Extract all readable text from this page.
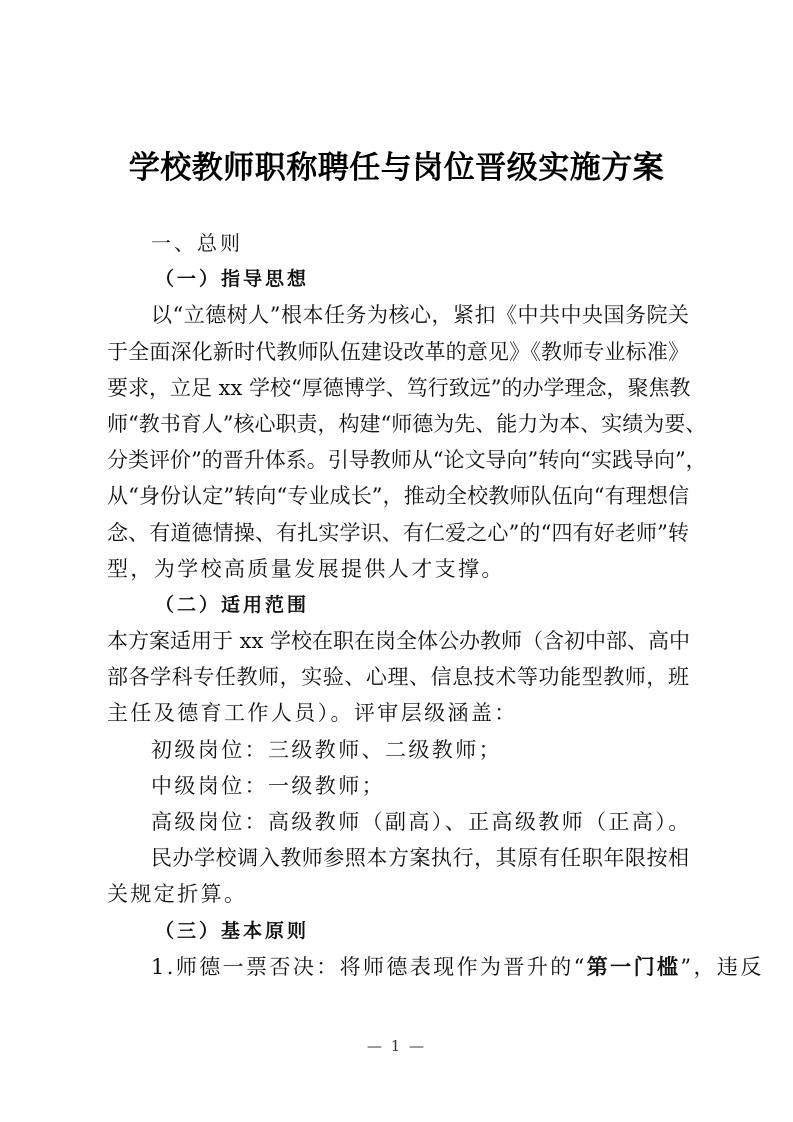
学校教师职称聘任与岗位晋级实施方案
一、总则
（一）指导思想
以“立德树人”根本任务为核心，紧扣《中共中央国务院关
于全面深化新时代教师队伍建设改革的意见》《教师专业标准》
要求，立足 xx 学校“厚德博学、笃行致远”的办学理念，聚焦教
师“教书育人”核心职责，构建“师德为先、能力为本、实绩为要、
分类评价”的晋升体系。引导教师从“论文导向”转向“实践导向”，
从“身份认定”转向“专业成长”，推动全校教师队伍向“有理想信
念、有道德情操、有扎实学识、有仁爱之心”的“四有好老师”转
型，为学校高质量发展提供人才支撑。
（二）适用范围
本方案适用于 xx 学校在职在岗全体公办教师（含初中部、高中
部各学科专任教师，实验、心理、信息技术等功能型教师，班
主任及德育工作人员）。评审层级涵盖：
初级岗位：三级教师、二级教师；
中级岗位：一级教师；
高级岗位：高级教师（副高）、正高级教师（正高）。
民办学校调入教师参照本方案执行，其原有任职年限按相
关规定折算。
（三）基本原则
1.师德一票否决：将师德表现作为晋升的“第一门槛”，违反
— 1 —
